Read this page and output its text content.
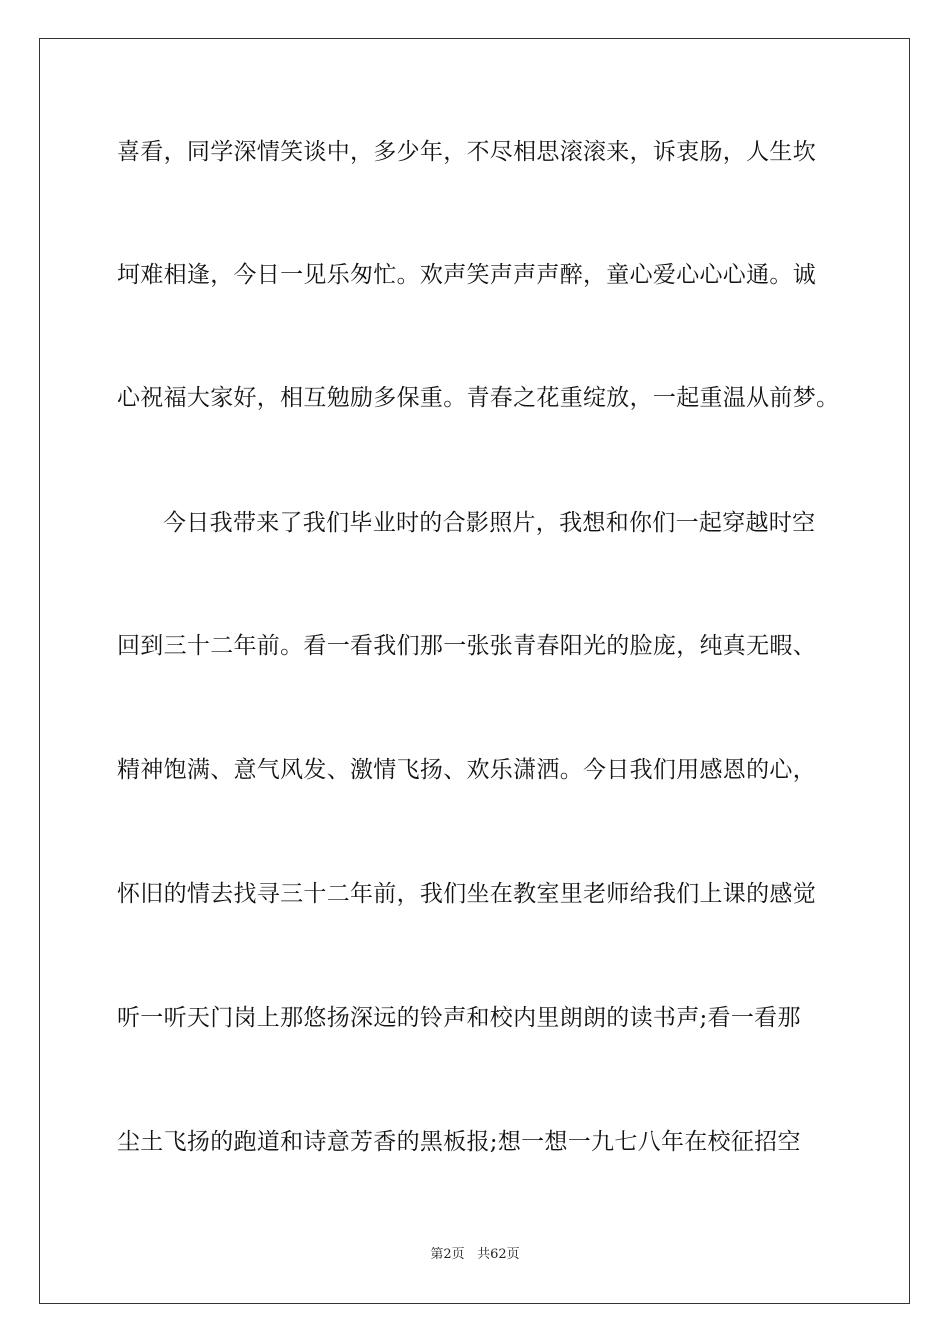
喜看，同学深情笑谈中，多少年，不尽相思滚滚来，诉衷肠，人生坎
坷难相逢，今日一见乐匆忙。欢声笑声声声醉，童心爱心心心通。诚
心祝福大家好，相互勉励多保重。青春之花重绽放，一起重温从前梦。
今日我带来了我们毕业时的合影照片，我想和你们一起穿越时空
回到三十二年前。看一看我们那一张张青春阳光的脸庞，纯真无暇、
精神饱满、意气风发、激情飞扬、欢乐潇洒。今日我们用感恩的心，
怀旧的情去找寻三十二年前，我们坐在教室里老师给我们上课的感觉
听一听天门岗上那悠扬深远的铃声和校内里朗朗的读书声;看一看那
尘土飞扬的跑道和诗意芳香的黑板报;想一想一九七八年在校征招空
第2页 共62页
